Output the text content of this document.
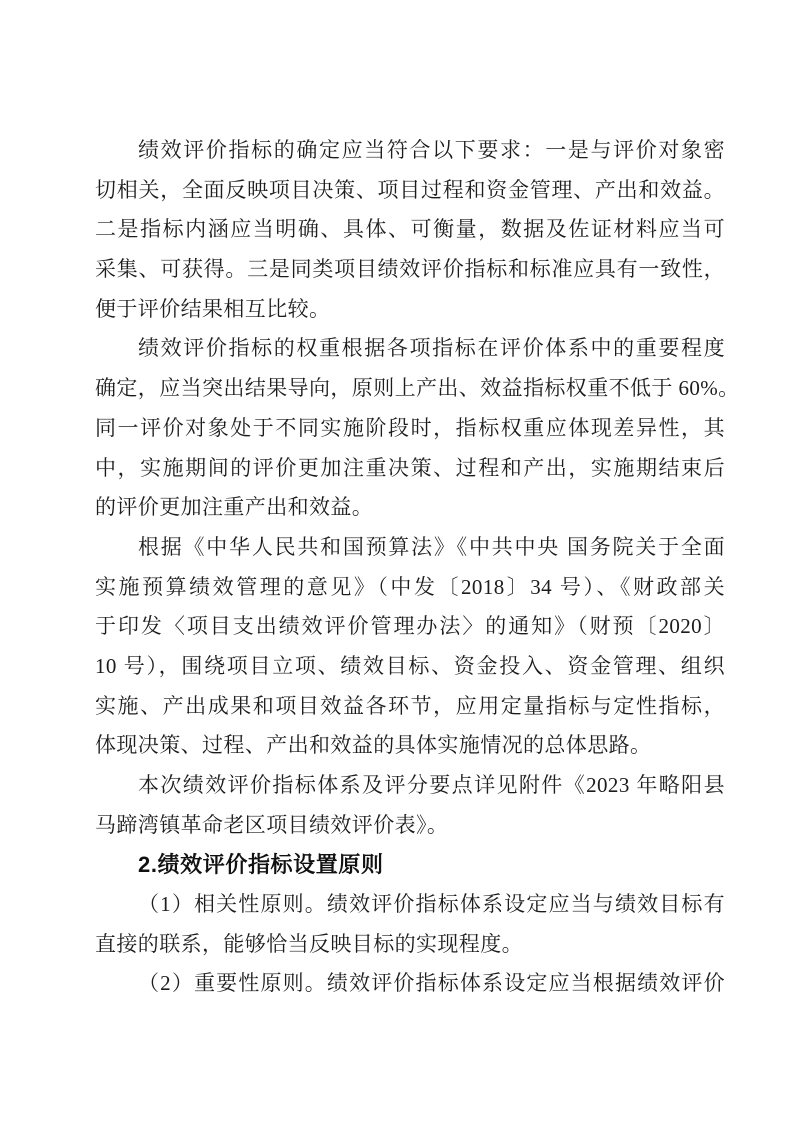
绩效评价指标的确定应当符合以下要求：一是与评价对象密
切相关，全面反映项目决策、项目过程和资金管理、产出和效益。
二是指标内涵应当明确、具体、可衡量，数据及佐证材料应当可
采集、可获得。三是同类项目绩效评价指标和标准应具有一致性，
便于评价结果相互比较。
绩效评价指标的权重根据各项指标在评价体系中的重要程度
确定，应当突出结果导向，原则上产出、效益指标权重不低于 60%。
同一评价对象处于不同实施阶段时，指标权重应体现差异性，其
中，实施期间的评价更加注重决策、过程和产出，实施期结束后
的评价更加注重产出和效益。
根据《中华人民共和国预算法》《中共中央 国务院关于全面
实施预算绩效管理的意见》（中发〔2018〕34 号）、《财政部关
于印发〈项目支出绩效评价管理办法〉的通知》（财预〔2020〕
10 号），围绕项目立项、绩效目标、资金投入、资金管理、组织
实施、产出成果和项目效益各环节，应用定量指标与定性指标，
体现决策、过程、产出和效益的具体实施情况的总体思路。
本次绩效评价指标体系及评分要点详见附件《2023 年略阳县
马蹄湾镇革命老区项目绩效评价表》。
2.绩效评价指标设置原则
（1）相关性原则。绩效评价指标体系设定应当与绩效目标有
直接的联系，能够恰当反映目标的实现程度。
（2）重要性原则。绩效评价指标体系设定应当根据绩效评价
